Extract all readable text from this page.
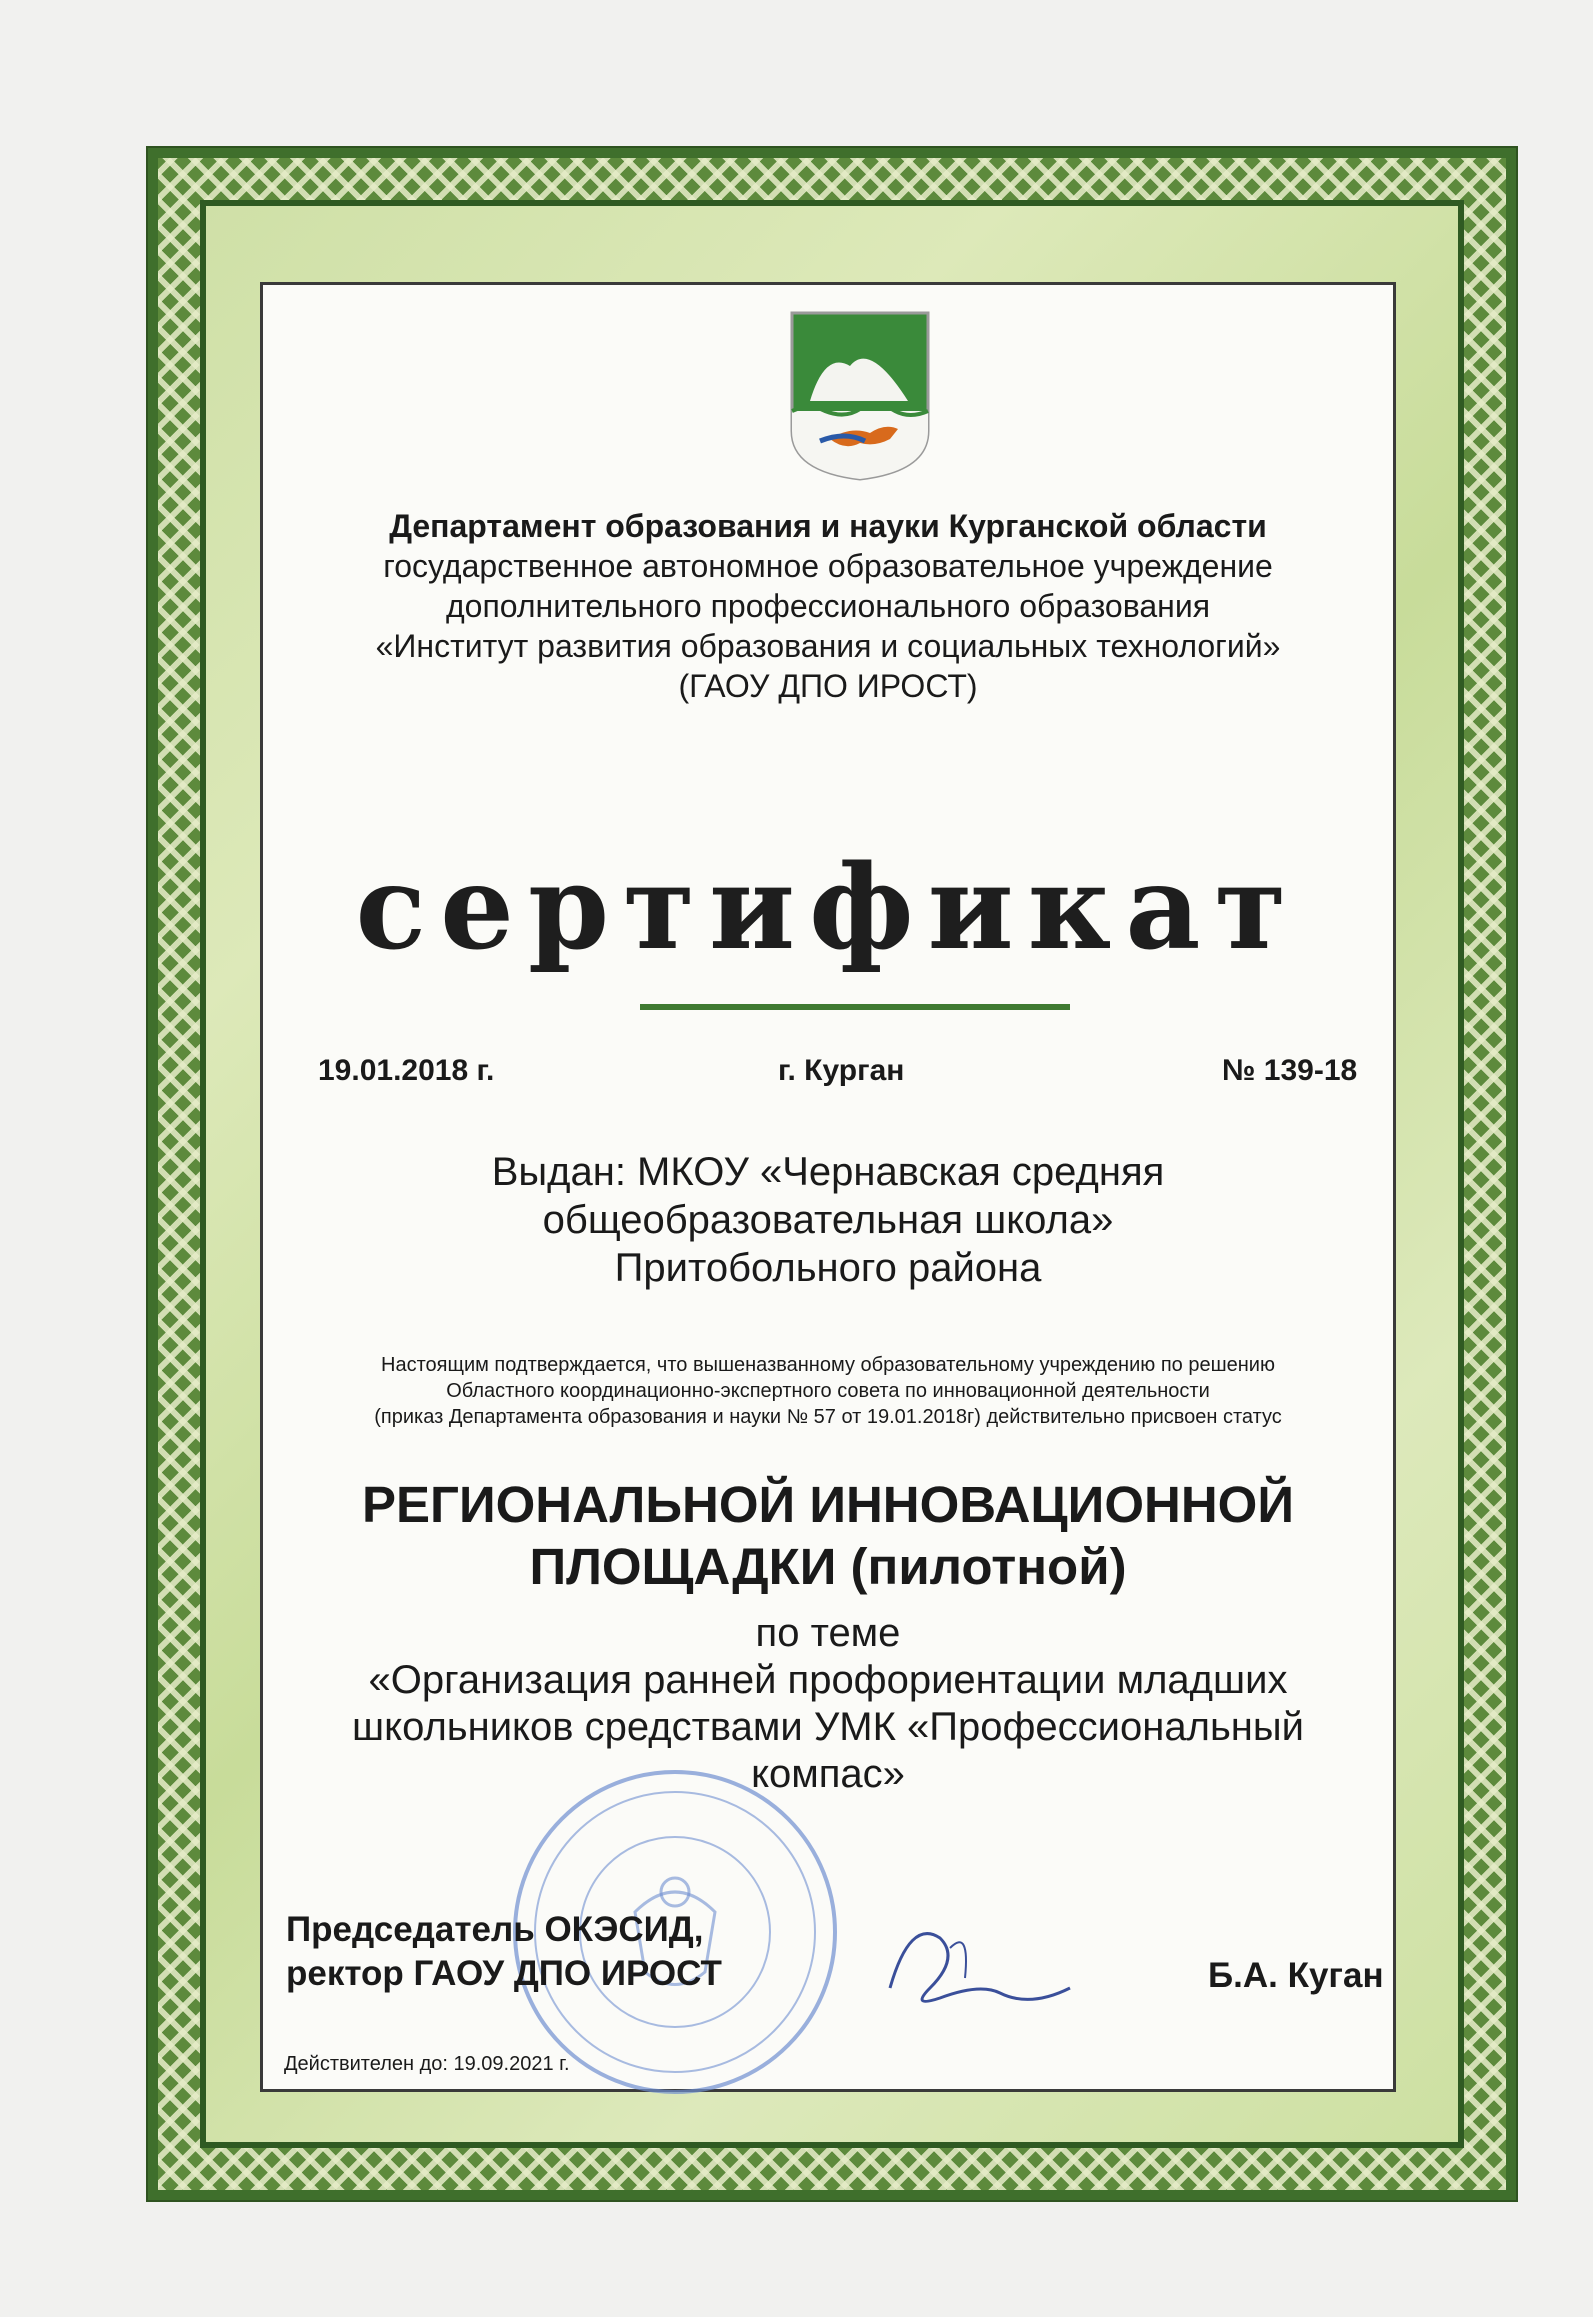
Департамент образования и науки Курганской области
государственное автономное образовательное учреждение
дополнительного профессионального образования
«Институт развития образования и социальных технологий»
(ГАОУ ДПО ИРОСТ)
сертификат
19.01.2018 г.	г. Курган	№ 139-18
Выдан: МКОУ «Чернавская средняя
общеобразовательная школа»
Притобольного района
Настоящим подтверждается, что вышеназванному образовательному учреждению по решению
Областного координационно-экспертного совета по инновационной деятельности
(приказ Департамента образования и науки № 57 от 19.01.2018г) действительно присвоен статус
РЕГИОНАЛЬНОЙ ИННОВАЦИОННОЙ
ПЛОЩАДКИ (пилотной)
по теме
«Организация ранней профориентации младших
школьников средствами УМК «Профессиональный
компас»
Председатель ОКЭСИД,
ректор ГАОУ ДПО ИРОСТ	Б.А. Куган
Действителен до: 19.09.2021 г.
